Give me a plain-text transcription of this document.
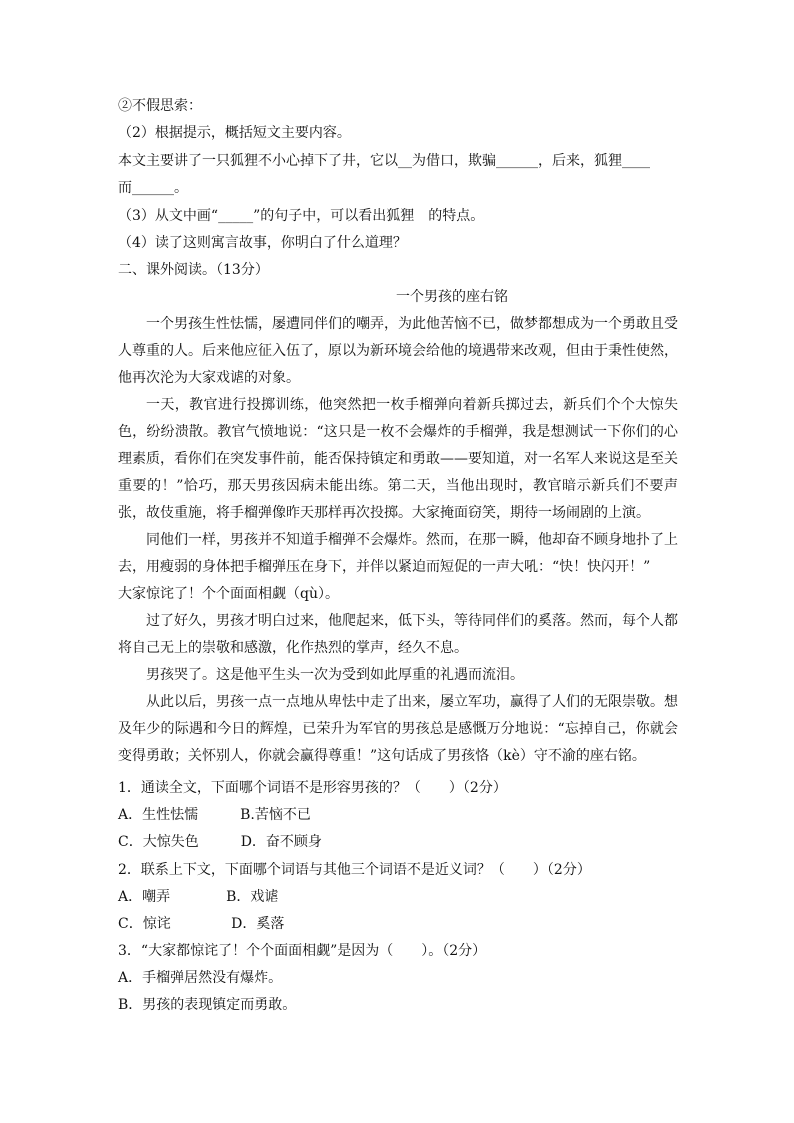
②不假思索：
（2）根据提示，概括短文主要内容。
本文主要讲了一只狐狸不小心掉下了井，它以__为借口，欺骗______，后来，狐狸____
而______。
（3）从文中画“_____”的句子中，可以看出狐狸　的特点。
（4）读了这则寓言故事，你明白了什么道理？
二、课外阅读。（13分）
一个男孩的座右铭
一个男孩生性怯懦，屡遭同伴们的嘲弄，为此他苦恼不已，做梦都想成为一个勇敢且受人尊重的人。后来他应征入伍了，原以为新环境会给他的境遇带来改观，但由于秉性使然，他再次沦为大家戏谑的对象。
一天，教官进行投掷训练，他突然把一枚手榴弹向着新兵掷过去，新兵们个个大惊失色，纷纷溃散。教官气愤地说：“这只是一枚不会爆炸的手榴弹，我是想测试一下你们的心理素质，看你们在突发事件前，能否保持镇定和勇敢——要知道，对一名军人来说这是至关重要的！”恰巧，那天男孩因病未能出练。第二天，当他出现时，教官暗示新兵们不要声张，故伎重施，将手榴弹像昨天那样再次投掷。大家掩面窃笑，期待一场闹剧的上演。
同他们一样，男孩并不知道手榴弹不会爆炸。然而，在那一瞬，他却奋不顾身地扑了上去，用瘦弱的身体把手榴弹压在身下，并伴以紧迫而短促的一声大吼：“快！快闪开！”
大家惊诧了！个个面面相觑（qù）。
过了好久，男孩才明白过来，他爬起来，低下头，等待同伴们的奚落。然而，每个人都将自己无上的崇敬和感激，化作热烈的掌声，经久不息。
男孩哭了。这是他平生头一次为受到如此厚重的礼遇而流泪。
从此以后，男孩一点一点地从卑怯中走了出来，屡立军功，赢得了人们的无限崇敬。想及年少的际遇和今日的辉煌，已荣升为军官的男孩总是感慨万分地说：“忘掉自己，你就会变得勇敢；关怀别人，你就会赢得尊重！”这句话成了男孩恪（kè）守不渝的座右铭。
1．通读全文，下面哪个词语不是形容男孩的？（　　）（2分）
A．生性怯懦　　　B.苦恼不已
C．大惊失色　　　D．奋不顾身
2．联系上下文，下面哪个词语与其他三个词语不是近义词？（　　）（2分）
A．嘲弄　　　　B．戏谑
C．惊诧　　　　 D．奚落
3．“大家都惊诧了！个个面面相觑”是因为（　　）。（2分）
A．手榴弹居然没有爆炸。
B．男孩的表现镇定而勇敢。
